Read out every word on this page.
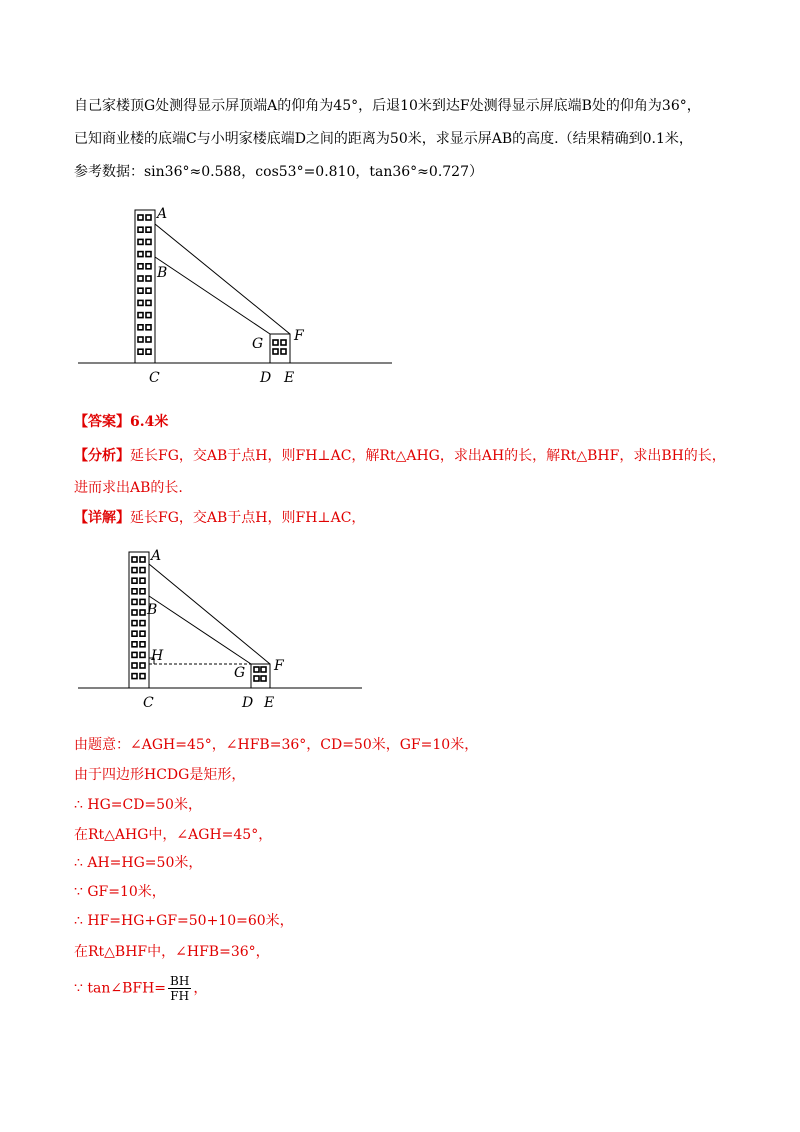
自己家楼顶G处测得显示屏顶端A的仰角为45°，后退10米到达F处测得显示屏底端B处的仰角为36°，
已知商业楼的底端C与小明家楼底端D之间的距离为50米，求显示屏AB的高度.（结果精确到0.1米，
参考数据：sin36°≈0.588，cos53°=0.810，tan36°≈0.727）
A
B
C
G F
D E
【答案】6.4米
【分析】延长FG，交AB于点H，则FH⊥AC，解Rt△AHG，求出AH的长，解Rt△BHF，求出BH的长，
进而求出AB的长.
【详解】延长FG，交AB于点H，则FH⊥AC，
A
B
H
C
G F
D E
由题意：∠AGH=45°，∠HFB=36°，CD=50米，GF=10米，
由于四边形HCDG是矩形，
∴ HG=CD=50米，
在Rt△AHG中，∠AGH=45°，
∴ AH=HG=50米，
∵ GF=10米，
∴ HF=HG+GF=50+10=60米，
在Rt△BHF中，∠HFB=36°，
∵ tan∠BFH= $\frac{BH}{FH}$ ，
